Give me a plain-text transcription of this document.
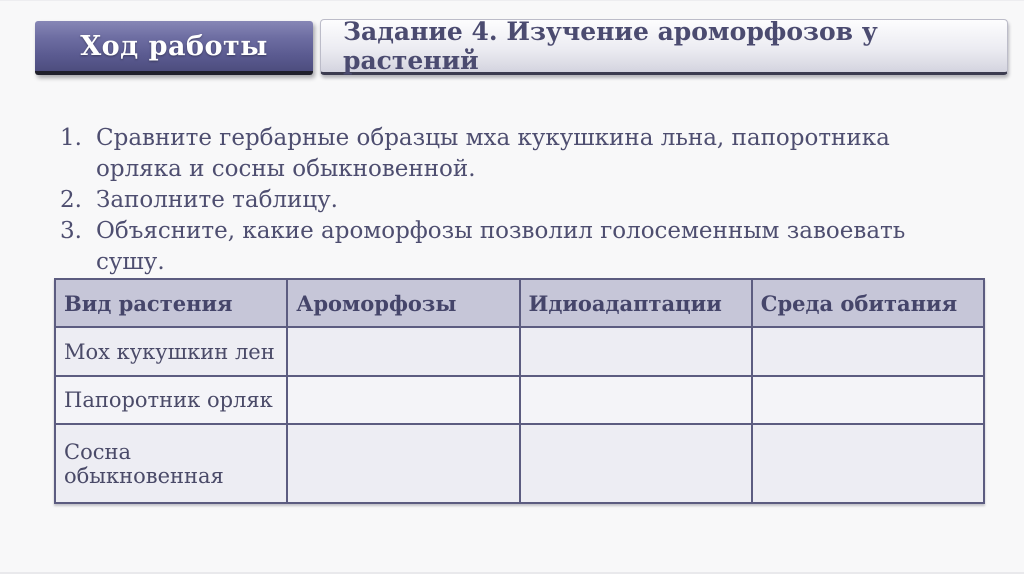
Ход работы	Задание 4. Изучение ароморфозов у растений
1. Сравните гербарные образцы мха кукушкина льна, папоротника орляка и сосны обыкновенной.
2. Заполните таблицу.
3. Объясните, какие ароморфозы позволил голосеменным завоевать сушу.
Вид растения	Ароморфозы	Идиоадаптации	Среда обитания
Мох кукушкин лен			
Папоротник орляк			
Сосна обыкновенная			
